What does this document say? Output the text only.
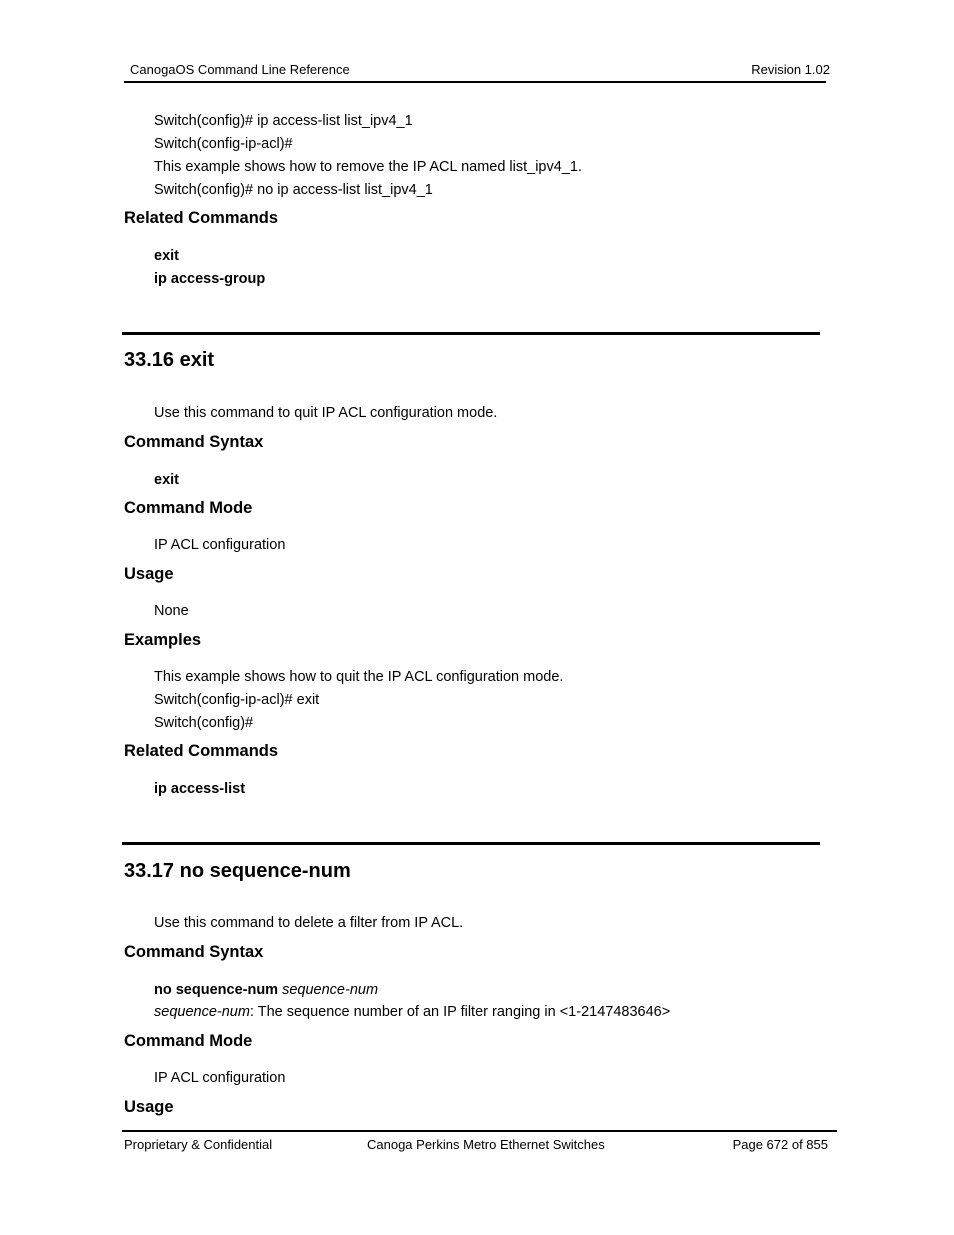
CanogaOS Command Line Reference	Revision 1.02
Switch(config)# ip access-list list_ipv4_1
Switch(config-ip-acl)#
This example shows how to remove the IP ACL named list_ipv4_1.
Switch(config)# no ip access-list list_ipv4_1
Related Commands
exit
ip access-group
33.16 exit
Use this command to quit IP ACL configuration mode.
Command Syntax
exit
Command Mode
IP ACL configuration
Usage
None
Examples
This example shows how to quit the IP ACL configuration mode.
Switch(config-ip-acl)# exit
Switch(config)#
Related Commands
ip access-list
33.17 no sequence-num
Use this command to delete a filter from IP ACL.
Command Syntax
no sequence-num sequence-num
sequence-num: The sequence number of an IP filter ranging in <1-2147483646>
Command Mode
IP ACL configuration
Usage
Proprietary & Confidential	Canoga Perkins Metro Ethernet Switches	Page 672 of 855
